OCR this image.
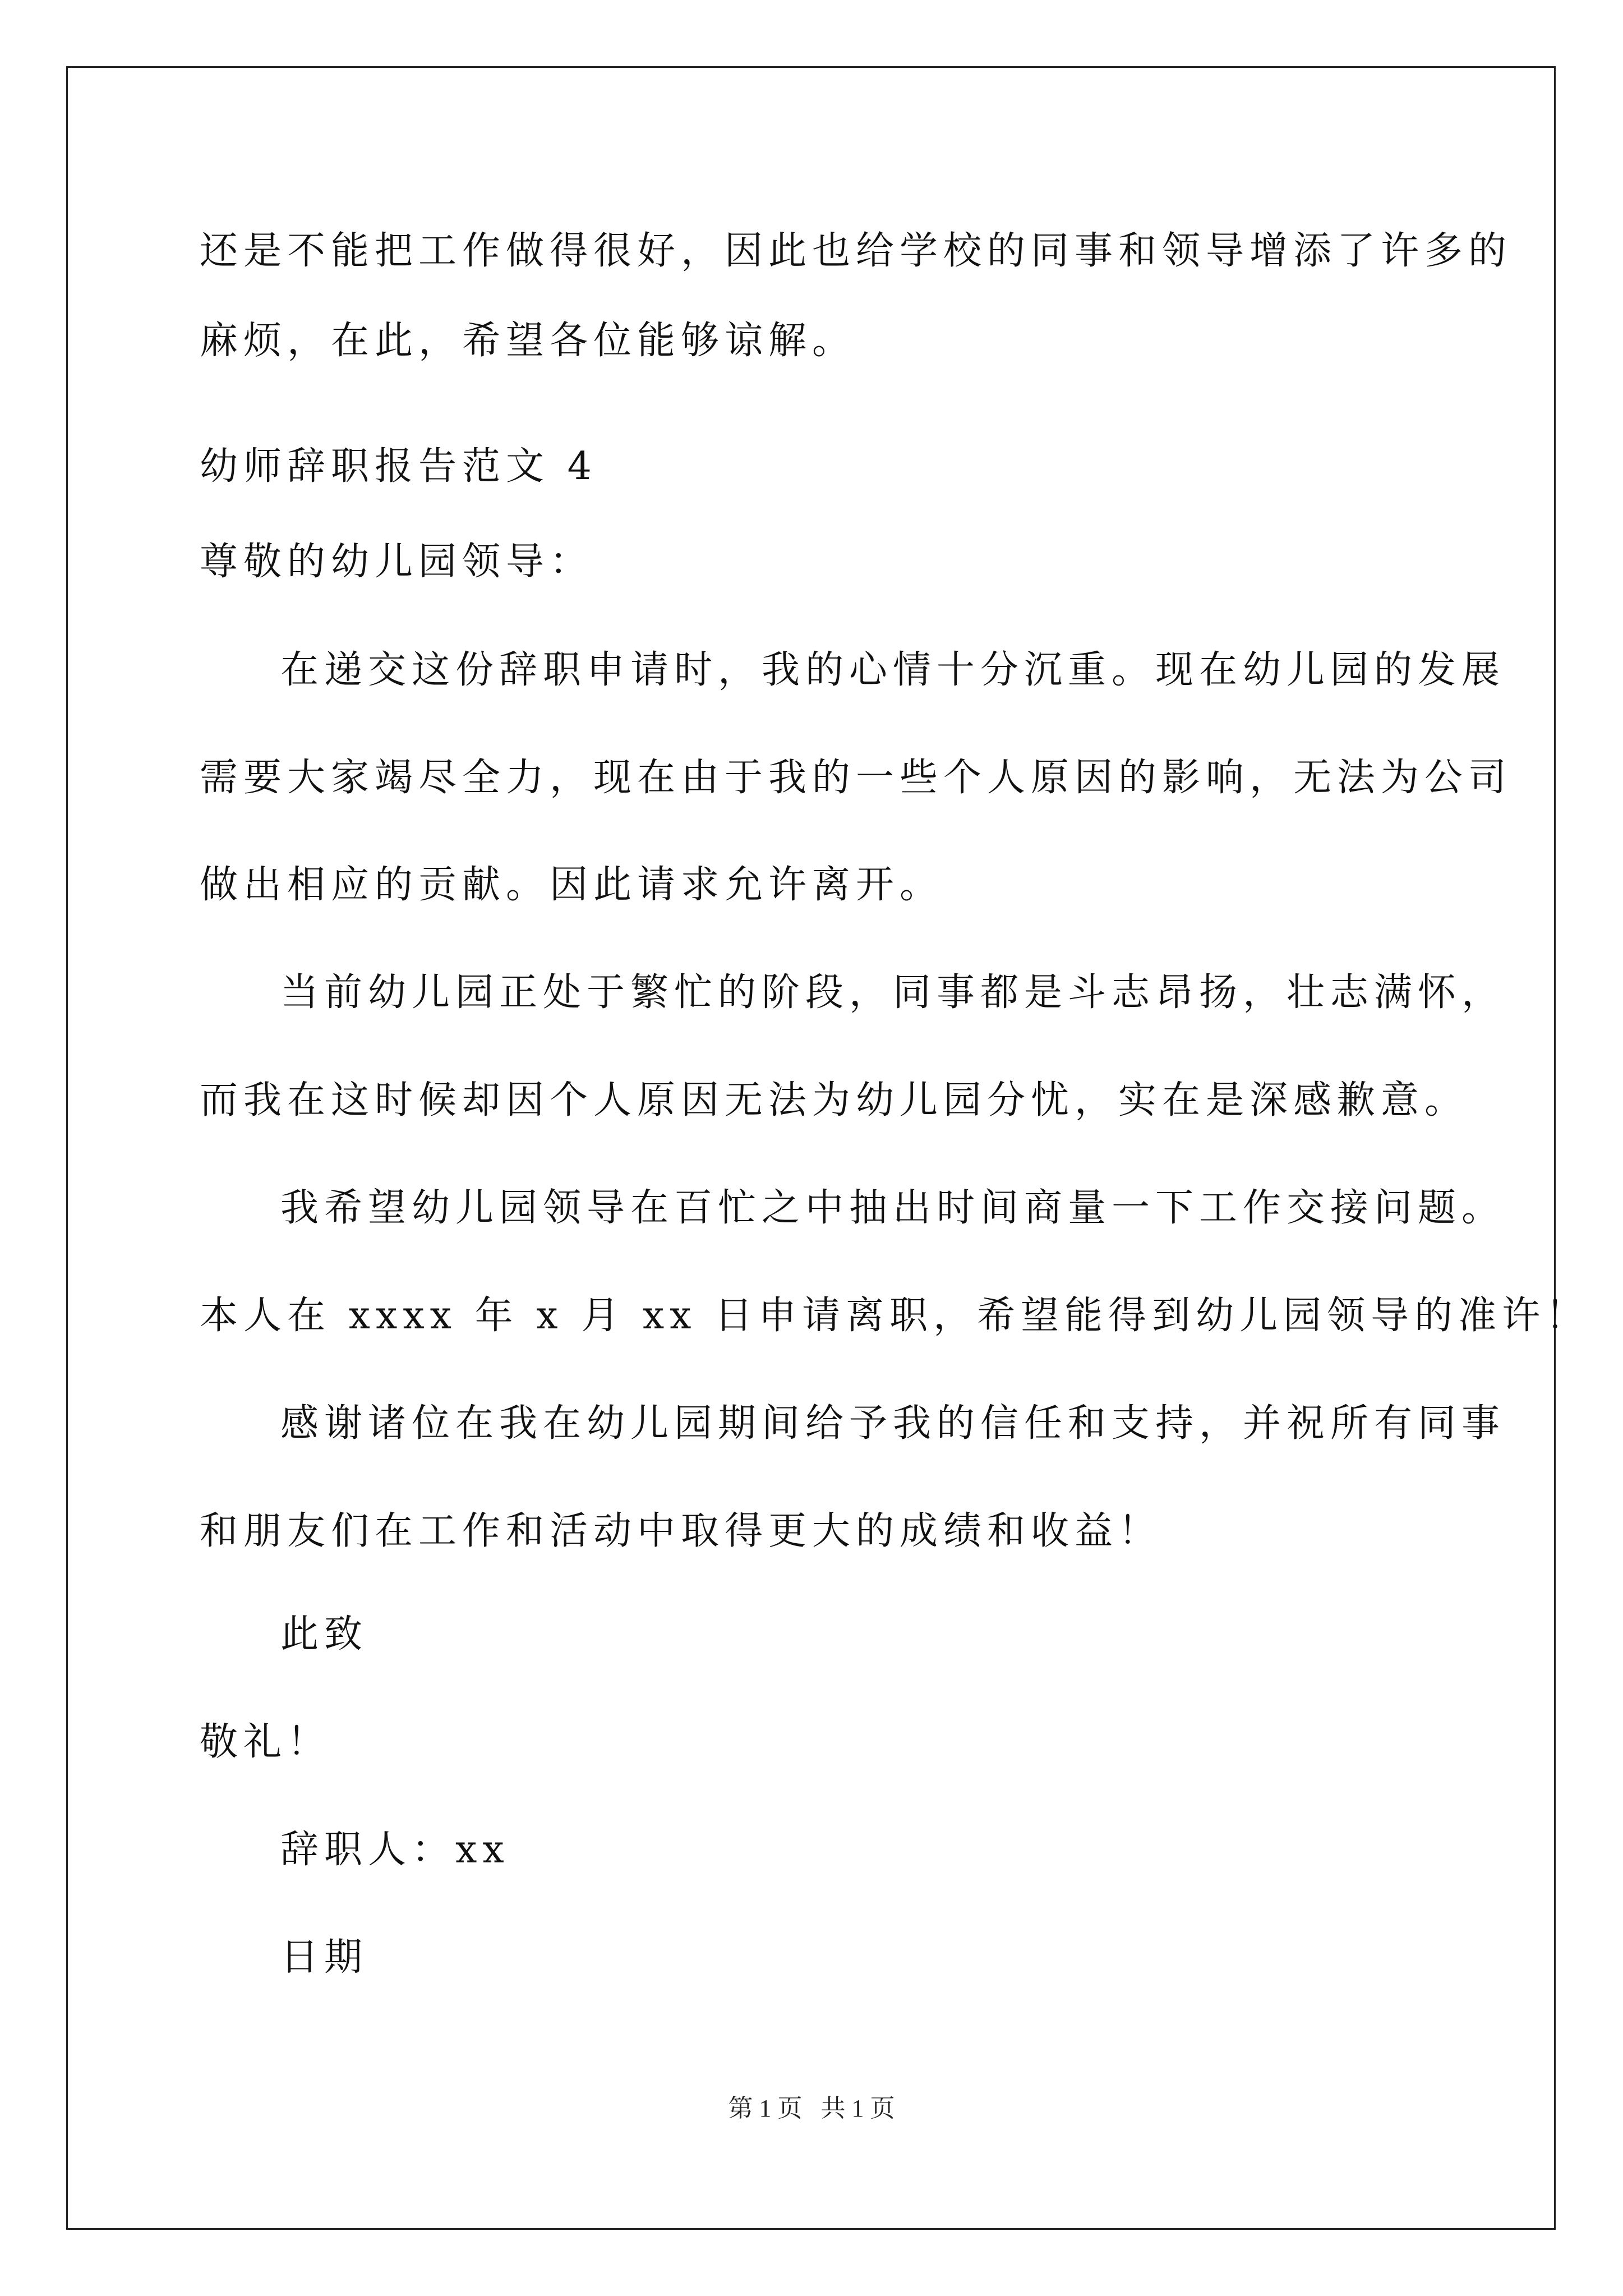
还是不能把工作做得很好，因此也给学校的同事和领导增添了许多的
麻烦，在此，希望各位能够谅解。
幼师辞职报告范文 4
尊敬的幼儿园领导：
在递交这份辞职申请时，我的心情十分沉重。现在幼儿园的发展
需要大家竭尽全力，现在由于我的一些个人原因的影响，无法为公司
做出相应的贡献。因此请求允许离开。
当前幼儿园正处于繁忙的阶段，同事都是斗志昂扬，壮志满怀，
而我在这时候却因个人原因无法为幼儿园分忧，实在是深感歉意。
我希望幼儿园领导在百忙之中抽出时间商量一下工作交接问题。
本人在 xxxx 年 x 月 xx 日申请离职，希望能得到幼儿园领导的准许！
感谢诸位在我在幼儿园期间给予我的信任和支持，并祝所有同事
和朋友们在工作和活动中取得更大的成绩和收益！
此致
敬礼！
辞职人：xx
日期
第 1 页   共 1 页
